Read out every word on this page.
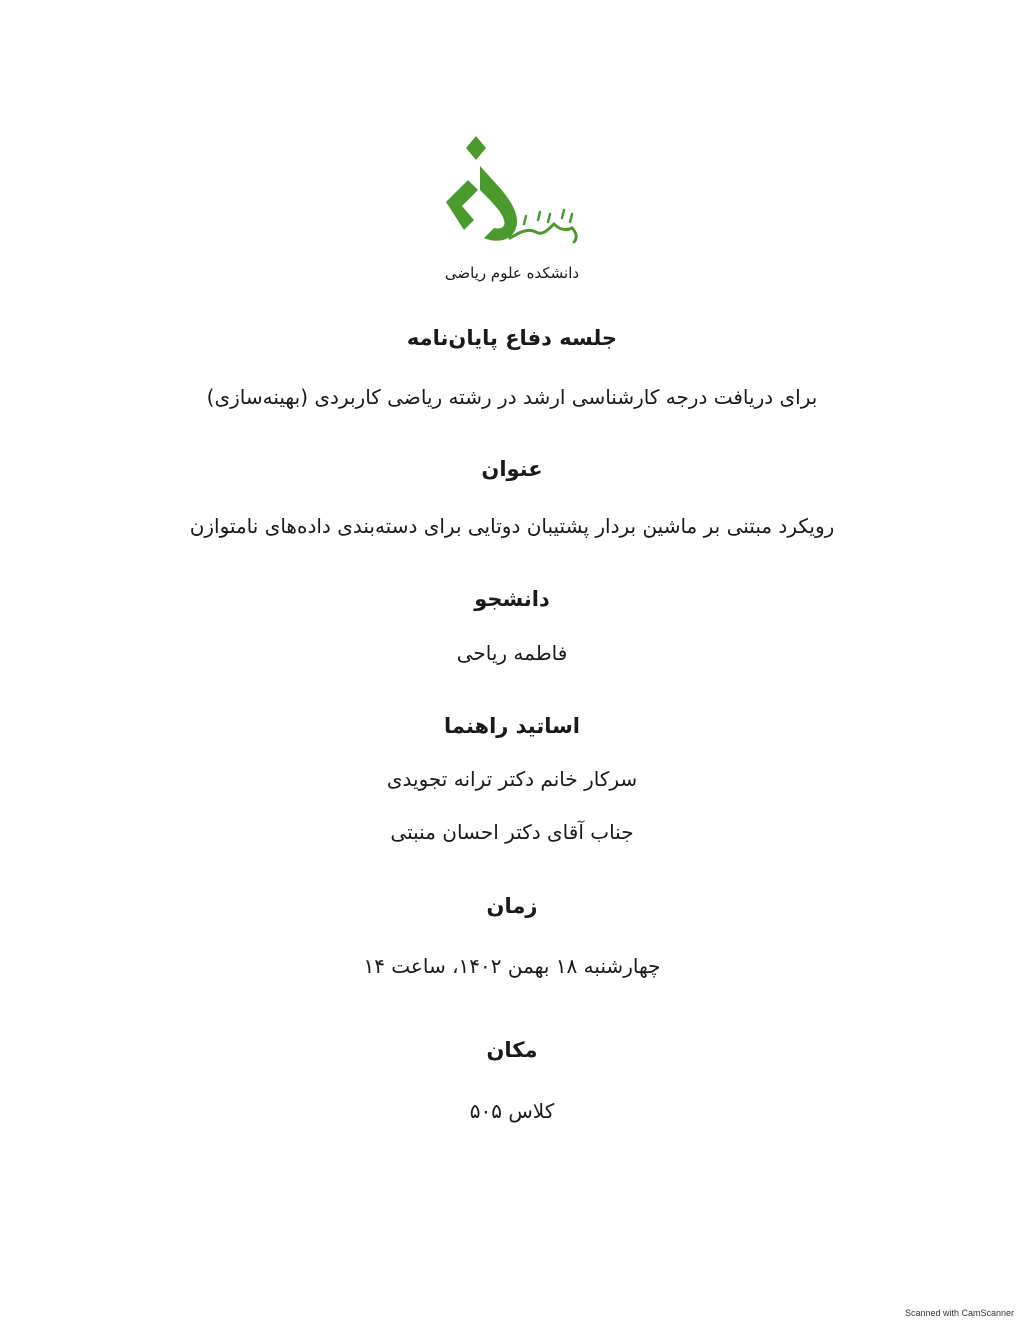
دانشکده علوم ریاضی
جلسه دفاع پایان‌نامه
برای دریافت درجه کارشناسی ارشد در رشته ریاضی کاربردی (بهینه‌سازی)
عنوان
رویکرد مبتنی بر ماشین بردار پشتیبان دوتایی برای دسته‌بندی داده‌های نامتوازن
دانشجو
فاطمه ریاحی
اساتید راهنما
سرکار خانم دکتر ترانه تجویدی
جناب آقای دکتر احسان منبتی
زمان
چهارشنبه ۱۸ بهمن ۱۴۰۲، ساعت ۱۴
مکان
کلاس ۵۰۵
Scanned with CamScanner
